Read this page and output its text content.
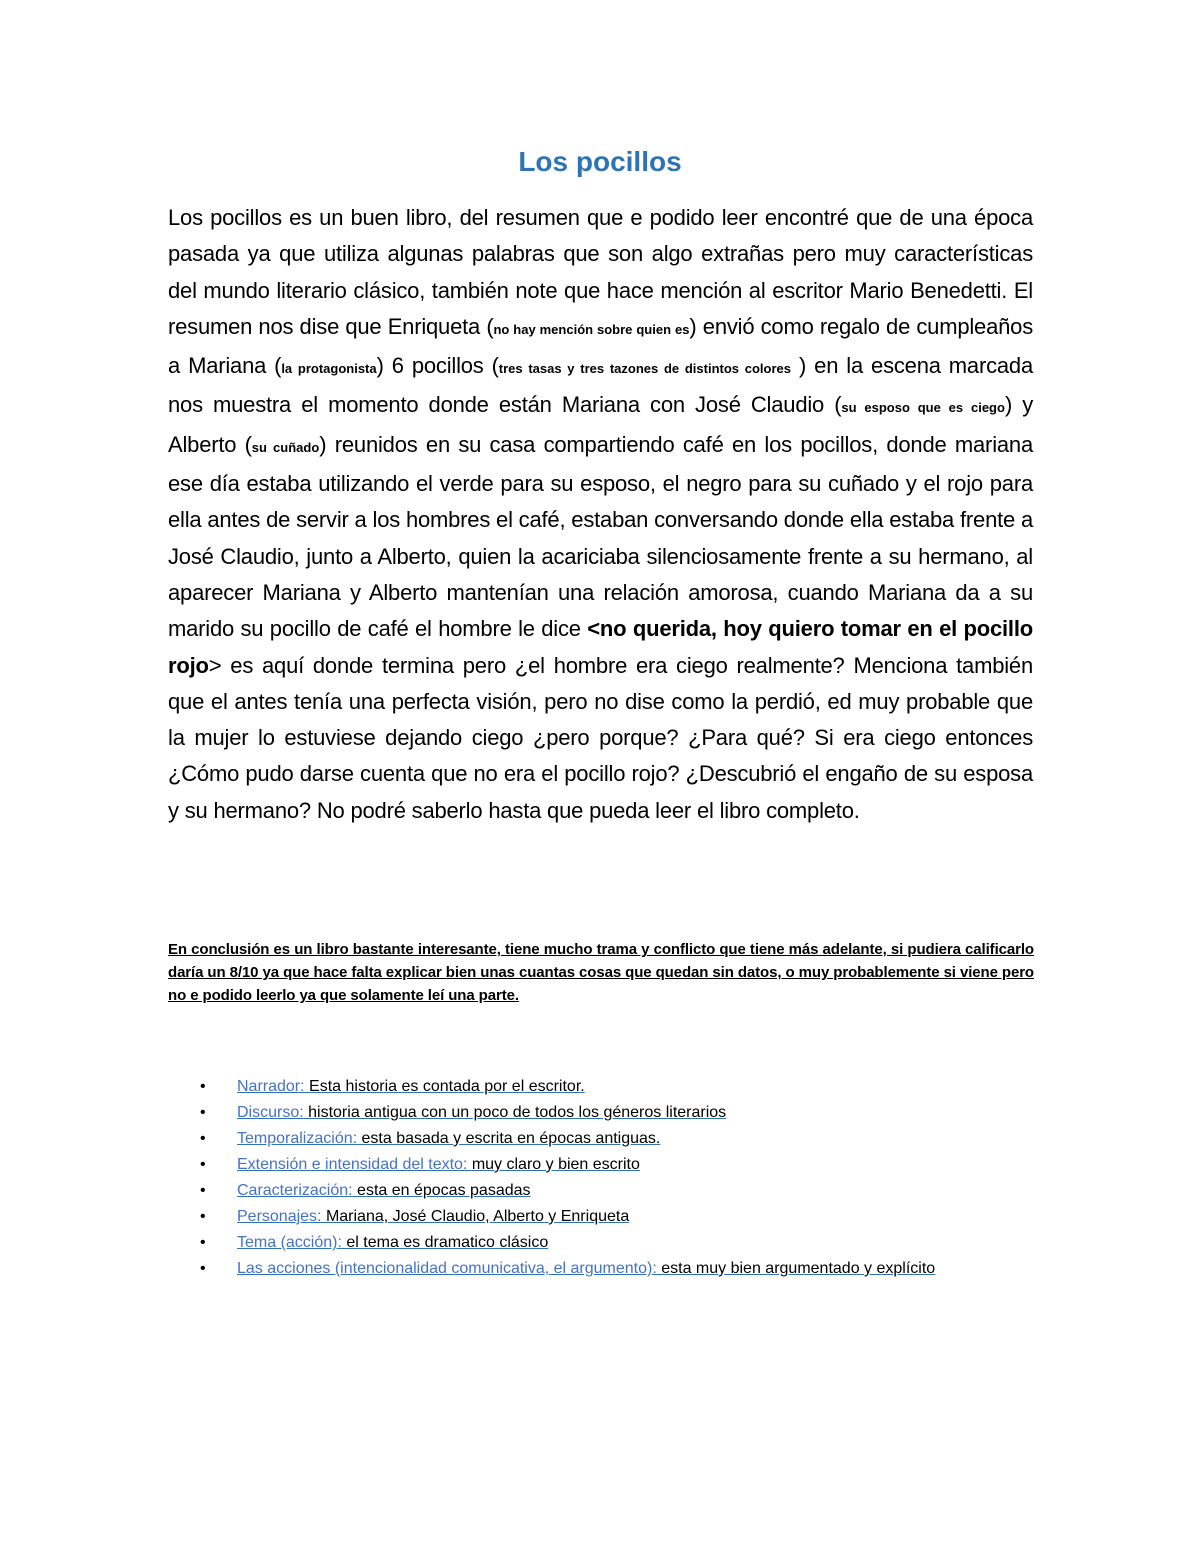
Los pocillos
Los pocillos es un buen libro, del resumen que e podido leer encontré que de una época pasada ya que utiliza algunas palabras que son algo extrañas pero muy características del mundo literario clásico, también note que hace mención al escritor Mario Benedetti. El resumen nos dise que Enriqueta (no hay mención sobre quien es) envió como regalo de cumpleaños a Mariana (la protagonista) 6 pocillos (tres tasas y tres tazones de distintos colores ) en la escena marcada nos muestra el momento donde están Mariana con José Claudio (su esposo que es ciego) y Alberto (su cuñado) reunidos en su casa compartiendo café en los pocillos, donde mariana ese día estaba utilizando el verde para su esposo, el negro para su cuñado y el rojo para ella antes de servir a los hombres el café, estaban conversando donde ella estaba frente a José Claudio, junto a Alberto, quien la acariciaba silenciosamente frente a su hermano, al aparecer Mariana y Alberto mantenían una relación amorosa, cuando Mariana da a su marido su pocillo de café el hombre le dice <no querida, hoy quiero tomar en el pocillo rojo> es aquí donde termina pero ¿el hombre era ciego realmente? Menciona también que el antes tenía una perfecta visión, pero no dise como la perdió, ed muy probable que la mujer lo estuviese dejando ciego ¿pero porque? ¿Para qué? Si era ciego entonces ¿Cómo pudo darse cuenta que no era el pocillo rojo? ¿Descubrió el engaño de su esposa y su hermano? No podré saberlo hasta que pueda leer el libro completo.
En conclusión es un libro bastante interesante, tiene mucho trama y conflicto que tiene más adelante, si pudiera calificarlo daría un 8/10 ya que hace falta explicar bien unas cuantas cosas que quedan sin datos, o muy probablemente si viene pero no e podido leerlo ya que solamente leí una parte.
• Narrador: Esta historia es contada por el escritor.
• Discurso: historia antigua con un poco de todos los géneros literarios
• Temporalización: esta basada y escrita en épocas antiguas.
• Extensión e intensidad del texto: muy claro y bien escrito
• Caracterización: esta en épocas pasadas
• Personajes: Mariana, José Claudio, Alberto y Enriqueta
• Tema (acción): el tema es dramatico clásico
• Las acciones (intencionalidad comunicativa, el argumento): esta muy bien argumentado y explícito
